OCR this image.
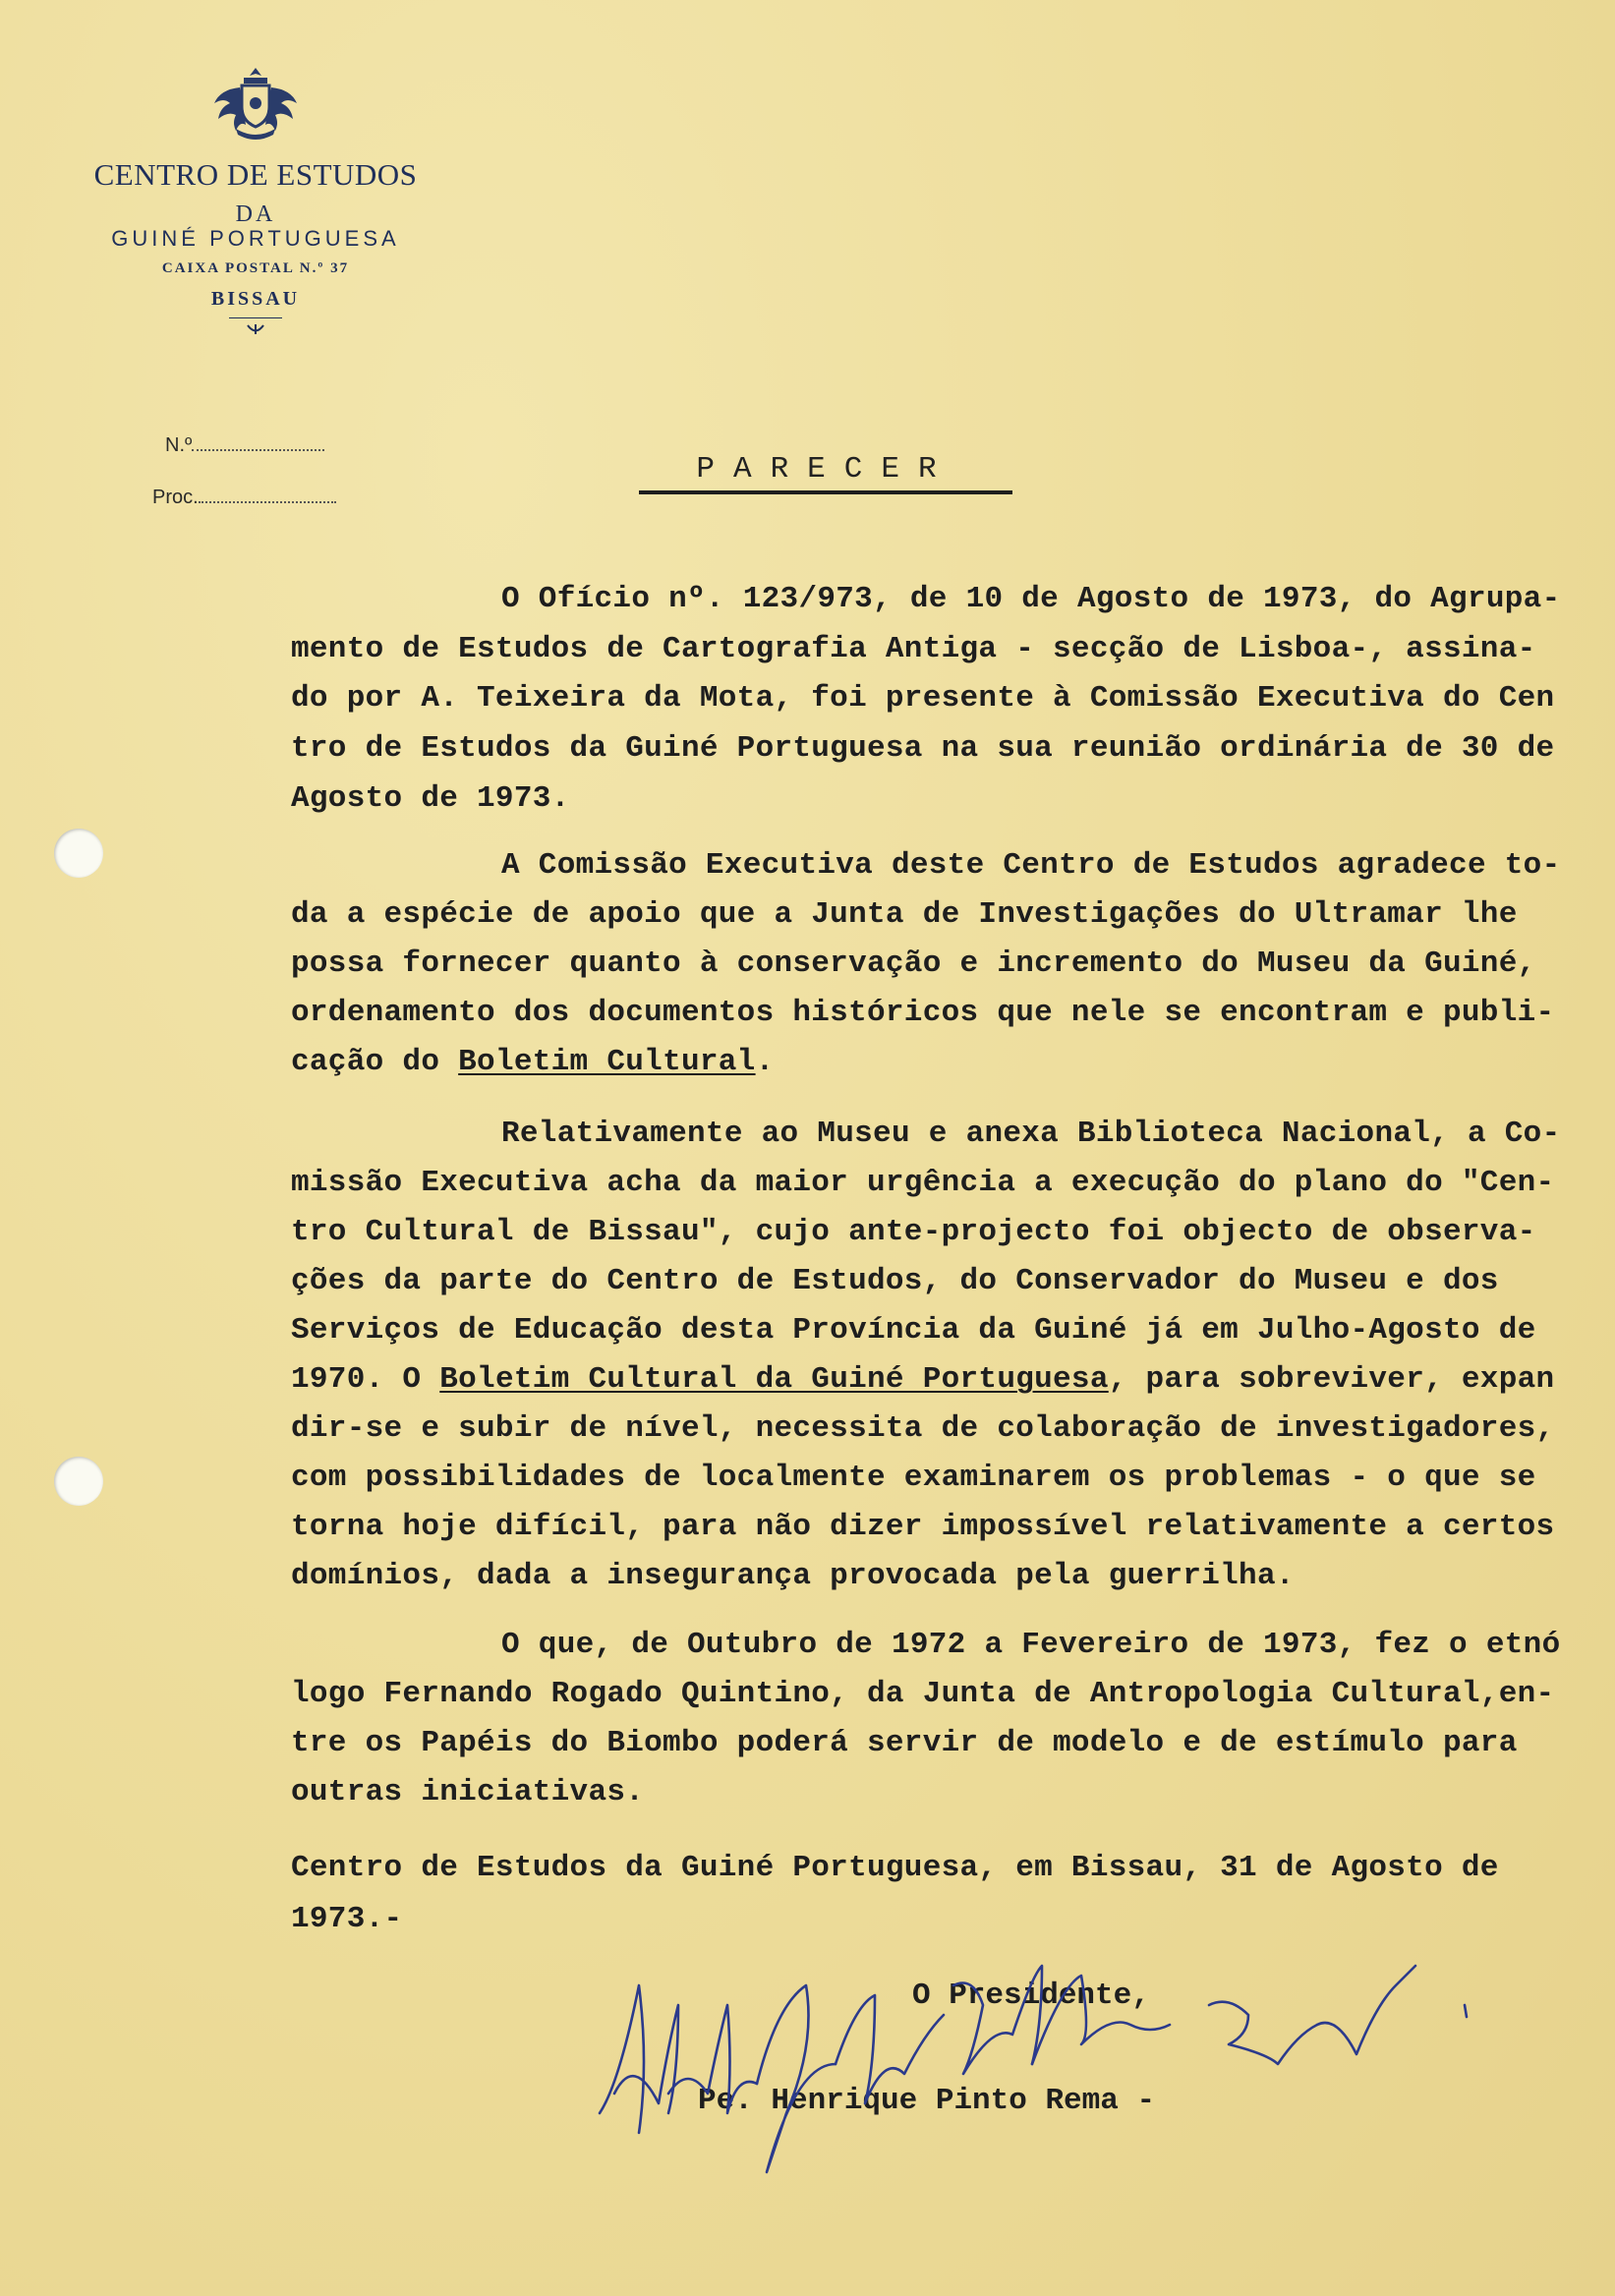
CENTRO DE ESTUDOS
DA
GUINÉ PORTUGUESA
CAIXA POSTAL N.º 37
BISSAU
N.º
Proc.
PARECER
O Ofício nº. 123/973, de 10 de Agosto de 1973, do Agrupa-
mento de Estudos de Cartografia Antiga - secção de Lisboa-, assina-
do por A. Teixeira da Mota, foi presente à Comissão Executiva do Cen
tro de Estudos da Guiné Portuguesa na sua reunião ordinária de 30 de
Agosto de 1973.
A Comissão Executiva deste Centro de Estudos agradece to-
da a espécie de apoio que a Junta de Investigações do Ultramar lhe
possa fornecer quanto à conservação e incremento do Museu da Guiné,
ordenamento dos documentos históricos que nele se encontram e publi-
cação do Boletim Cultural.
Relativamente ao Museu e anexa Biblioteca Nacional, a Co-
missão Executiva acha da maior urgência a execução do plano do "Cen-
tro Cultural de Bissau", cujo ante-projecto foi objecto de observa-
ções da parte do Centro de Estudos, do Conservador do Museu e dos
Serviços de Educação desta Província da Guiné já em Julho-Agosto de
1970. O Boletim Cultural da Guiné Portuguesa, para sobreviver, expan
dir-se e subir de nível, necessita de colaboração de investigadores,
com possibilidades de localmente examinarem os problemas - o que se
torna hoje difícil, para não dizer impossível relativamente a certos
domínios, dada a insegurança provocada pela guerrilha.
O que, de Outubro de 1972 a Fevereiro de 1973, fez o etnó
logo Fernando Rogado Quintino, da Junta de Antropologia Cultural,en-
tre os Papéis do Biombo poderá servir de modelo e de estímulo para
outras iniciativas.
Centro de Estudos da Guiné Portuguesa, em Bissau, 31 de Agosto de
1973.-
O Presidente,
Pe. Henrique Pinto Rema -
